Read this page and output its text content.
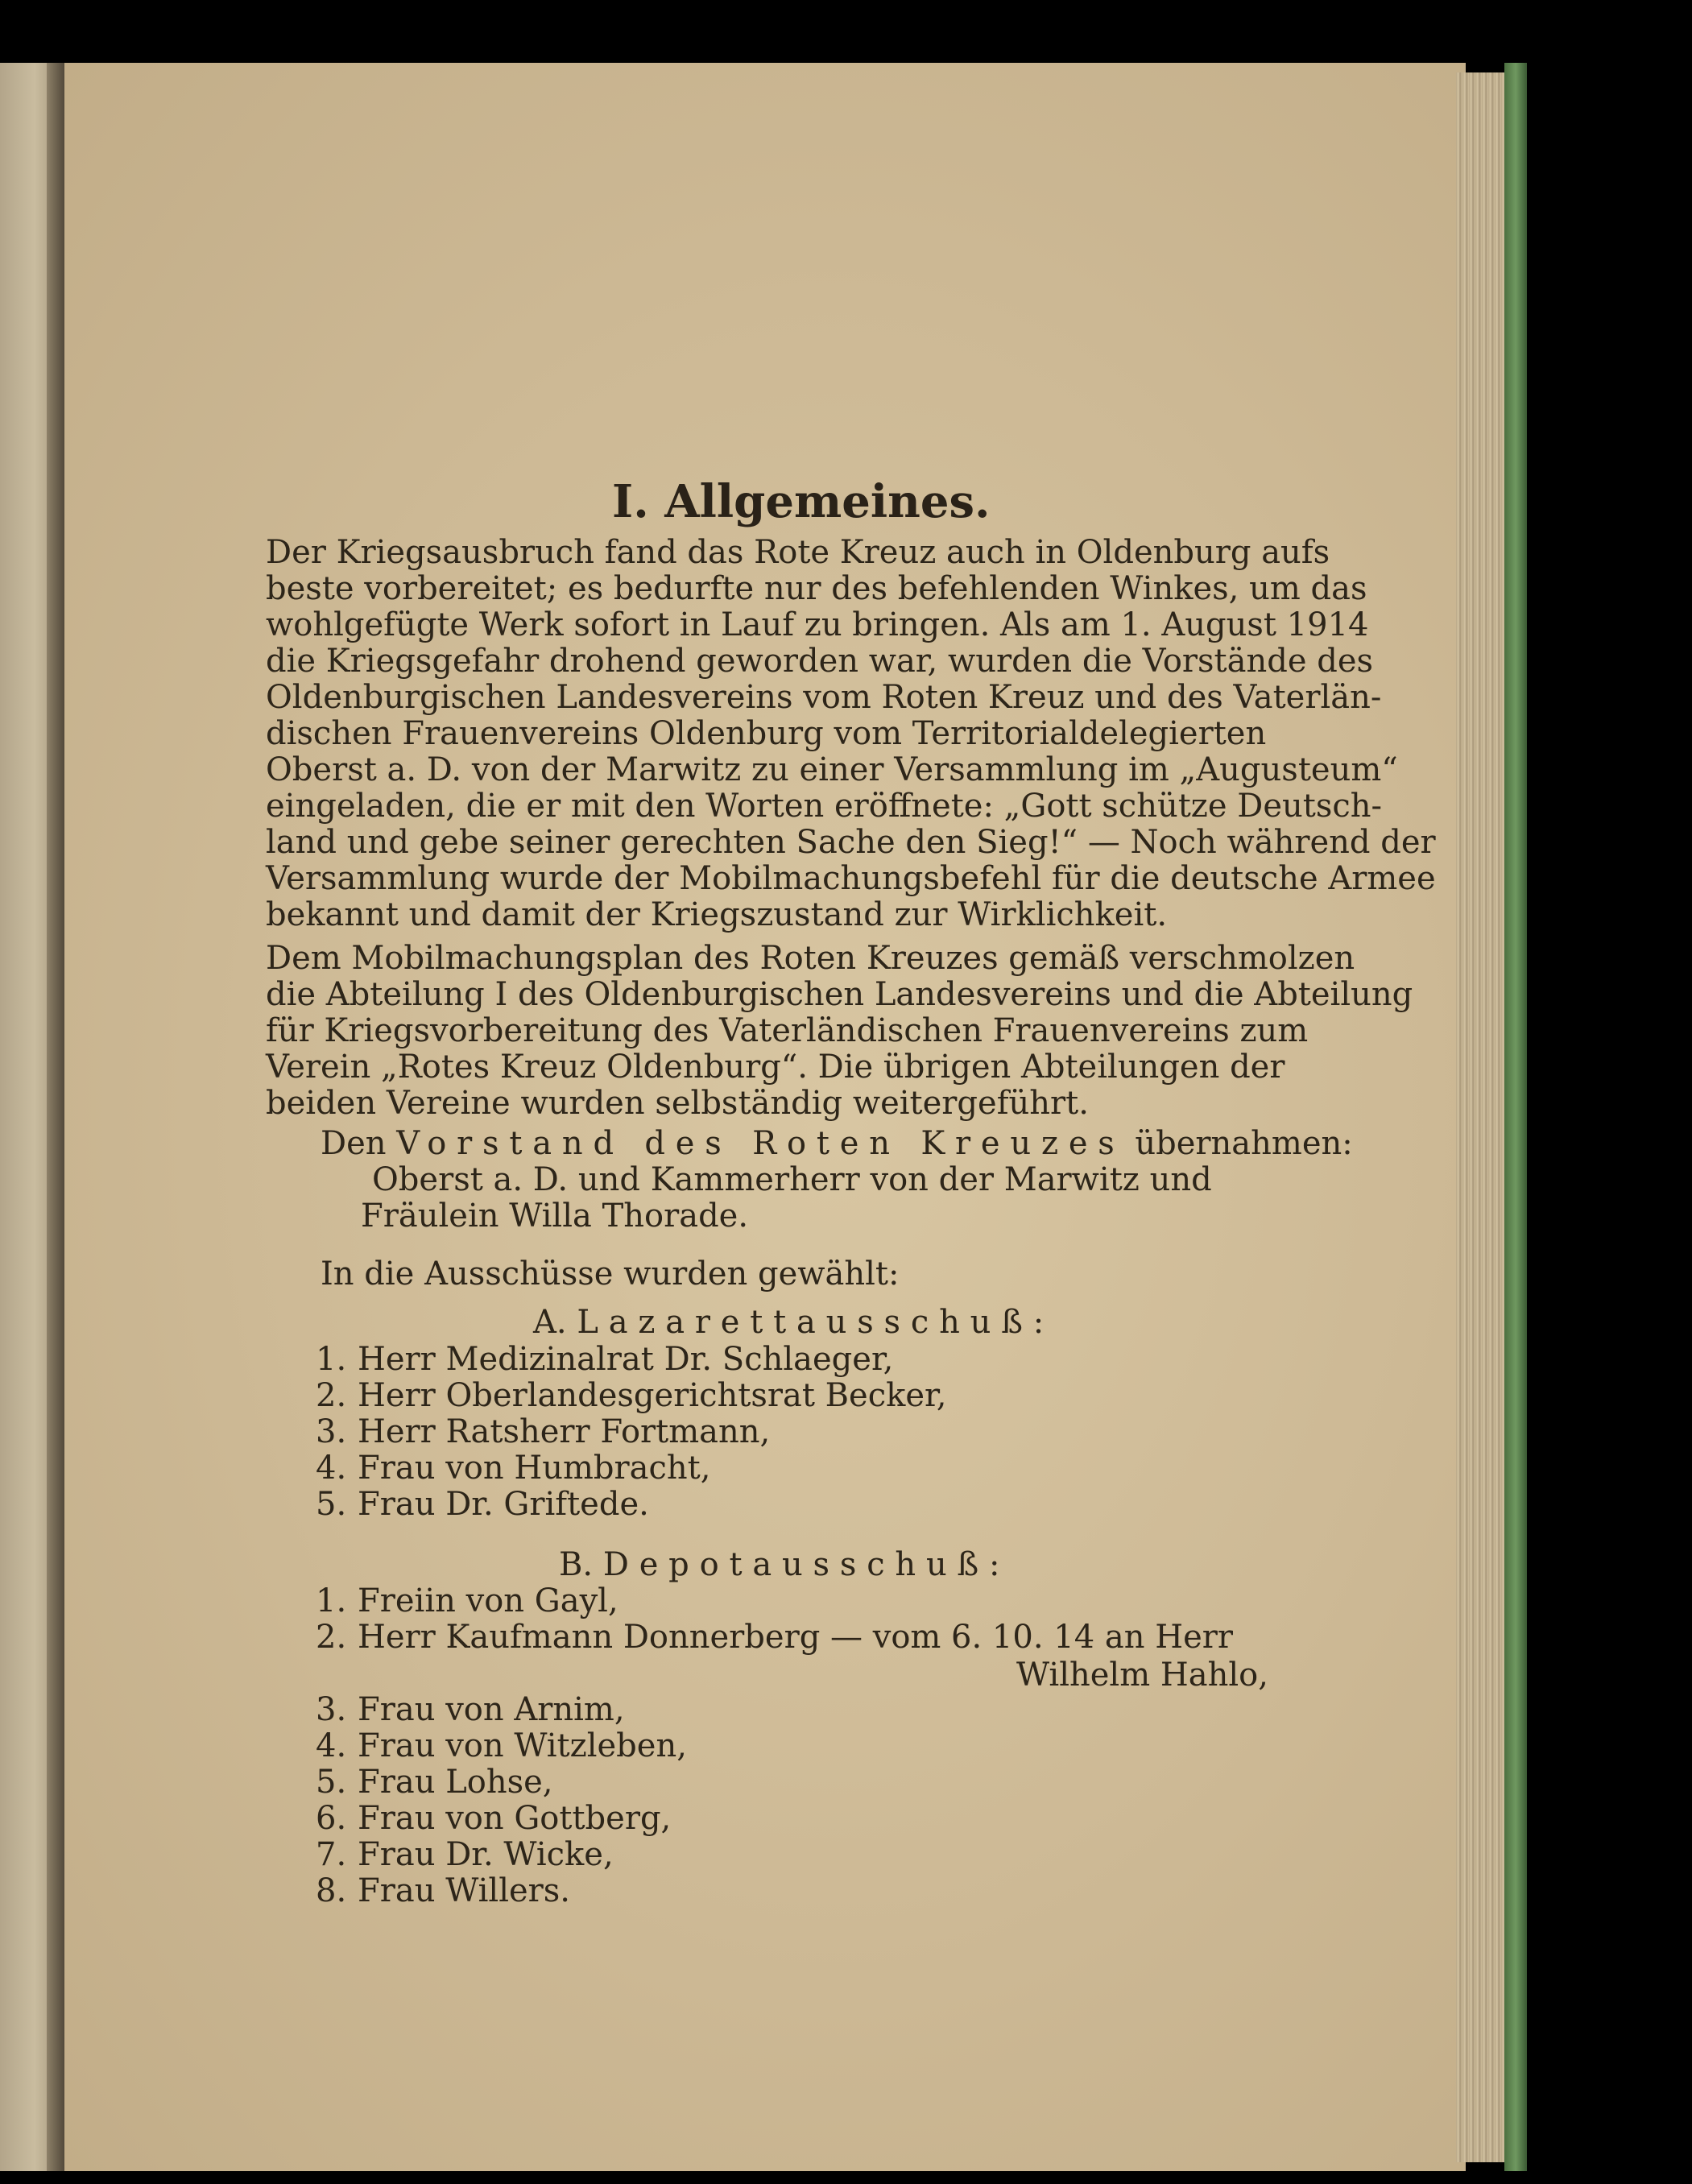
I. Allgemeines.
Der Kriegsausbruch fand das Rote Kreuz auch in Oldenburg aufs
beste vorbereitet; es bedurfte nur des befehlenden Winkes, um das
wohlgefügte Werk sofort in Lauf zu bringen. Als am 1. August 1914
die Kriegsgefahr drohend geworden war, wurden die Vorstände des
Oldenburgischen Landesvereins vom Roten Kreuz und des Vaterlän-
dischen Frauenvereins Oldenburg vom Territorialdelegierten
Oberst a. D. von der Marwitz zu einer Versammlung im „Augusteum“
eingeladen, die er mit den Worten eröffnete: „Gott schütze Deutsch-
land und gebe seiner gerechten Sache den Sieg!“ — Noch während der
Versammlung wurde der Mobilmachungsbefehl für die deutsche Armee
bekannt und damit der Kriegszustand zur Wirklichkeit.
Dem Mobilmachungsplan des Roten Kreuzes gemäß verschmolzen
die Abteilung I des Oldenburgischen Landesvereins und die Abteilung
für Kriegsvorbereitung des Vaterländischen Frauenvereins zum
Verein „Rotes Kreuz Oldenburg“. Die übrigen Abteilungen der
beiden Vereine wurden selbständig weitergeführt.
Den Vorstand des Roten Kreuzes übernahmen:
Oberst a. D. und Kammerherr von der Marwitz und
Fräulein Willa Thorade.
In die Ausschüsse wurden gewählt:
A. Lazarettausschuß:
1. Herr Medizinalrat Dr. Schlaeger,
2. Herr Oberlandesgerichtsrat Becker,
3. Herr Ratsherr Fortmann,
4. Frau von Humbracht,
5. Frau Dr. Griftede.
B. Depotausschuß:
1. Freiin von Gayl,
2. Herr Kaufmann Donnerberg — vom 6. 10. 14 an Herr
Wilhelm Hahlo,
3. Frau von Arnim,
4. Frau von Witzleben,
5. Frau Lohse,
6. Frau von Gottberg,
7. Frau Dr. Wicke,
8. Frau Willers.
